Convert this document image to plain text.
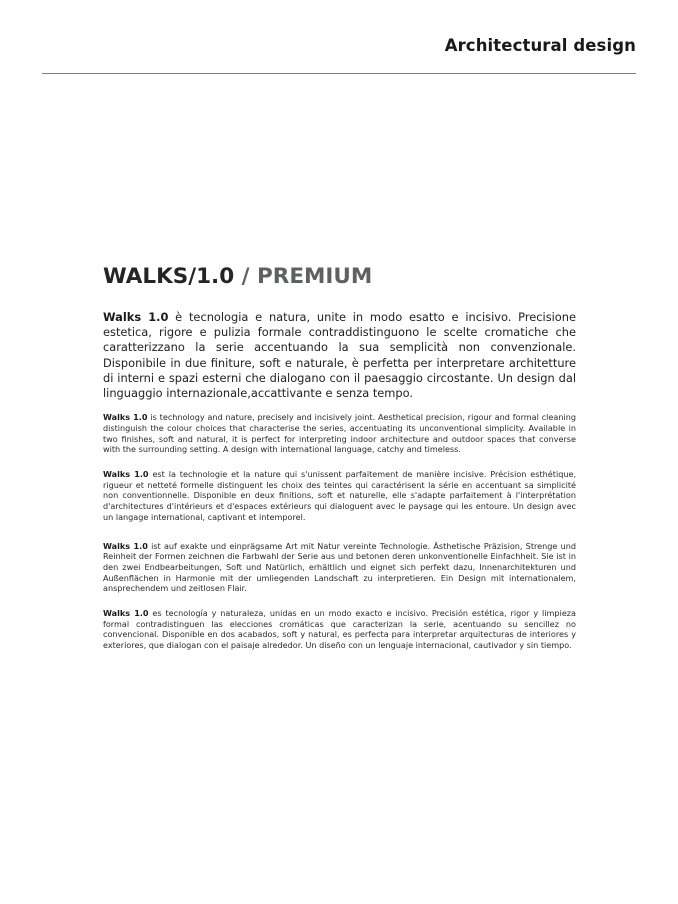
Architectural design
WALKS/1.0 / PREMIUM

Walks 1.0 è tecnologia e natura, unite in modo esatto e incisivo. Precisione estetica, rigore e pulizia formale contraddistinguono le scelte cromatiche che caratterizzano la serie accentuando la sua semplicità non convenzionale. Disponibile in due finiture, soft e naturale, è perfetta per interpretare architetture di interni e spazi esterni che dialogano con il paesaggio circostante. Un design dal linguaggio internazionale,accattivante e senza tempo.

Walks 1.0 is technology and nature, precisely and incisively joint. Aesthetical precision, rigour and formal cleaning distinguish the colour choices that characterise the series, accentuating its unconventional simplicity. Available in two finishes, soft and natural, it is perfect for interpreting indoor architecture and outdoor spaces that converse with the surrounding setting. A design with international language, catchy and timeless.

Walks 1.0 est la technologie et la nature qui s'unissent parfaitement de manière incisive. Précision esthétique, rigueur et netteté formelle distinguent les choix des teintes qui caractérisent la série en accentuant sa simplicité non conventionnelle. Disponible en deux finitions, soft et naturelle, elle s'adapte parfaitement à l'interprétation d'architectures d'intérieurs et d'espaces extérieurs qui dialoguent avec le paysage qui les entoure. Un design avec un langage international, captivant et intemporel.

Walks 1.0 ist auf exakte und einprägsame Art mit Natur vereinte Technologie. Ästhetische Präzision, Strenge und Reinheit der Formen zeichnen die Farbwahl der Serie aus und betonen deren unkonventionelle Einfachheit. Sie ist in den zwei Endbearbeitungen, Soft und Natürlich, erhältlich und eignet sich perfekt dazu, Innenarchitekturen und Außenflächen in Harmonie mit der umliegenden Landschaft zu interpretieren. Ein Design mit internationalem, ansprechendem und zeitlosen Flair.

Walks 1.0 es tecnología y naturaleza, unidas en un modo exacto e incisivo. Precisión estética, rigor y limpieza formal contradistinguen las elecciones cromáticas que caracterizan la serie, acentuando su sencillez no convencional. Disponible en dos acabados, soft y natural, es perfecta para interpretar arquitecturas de interiores y exteriores, que dialogan con el paisaje alrededor. Un diseño con un lenguaje internacional, cautivador y sin tiempo.
